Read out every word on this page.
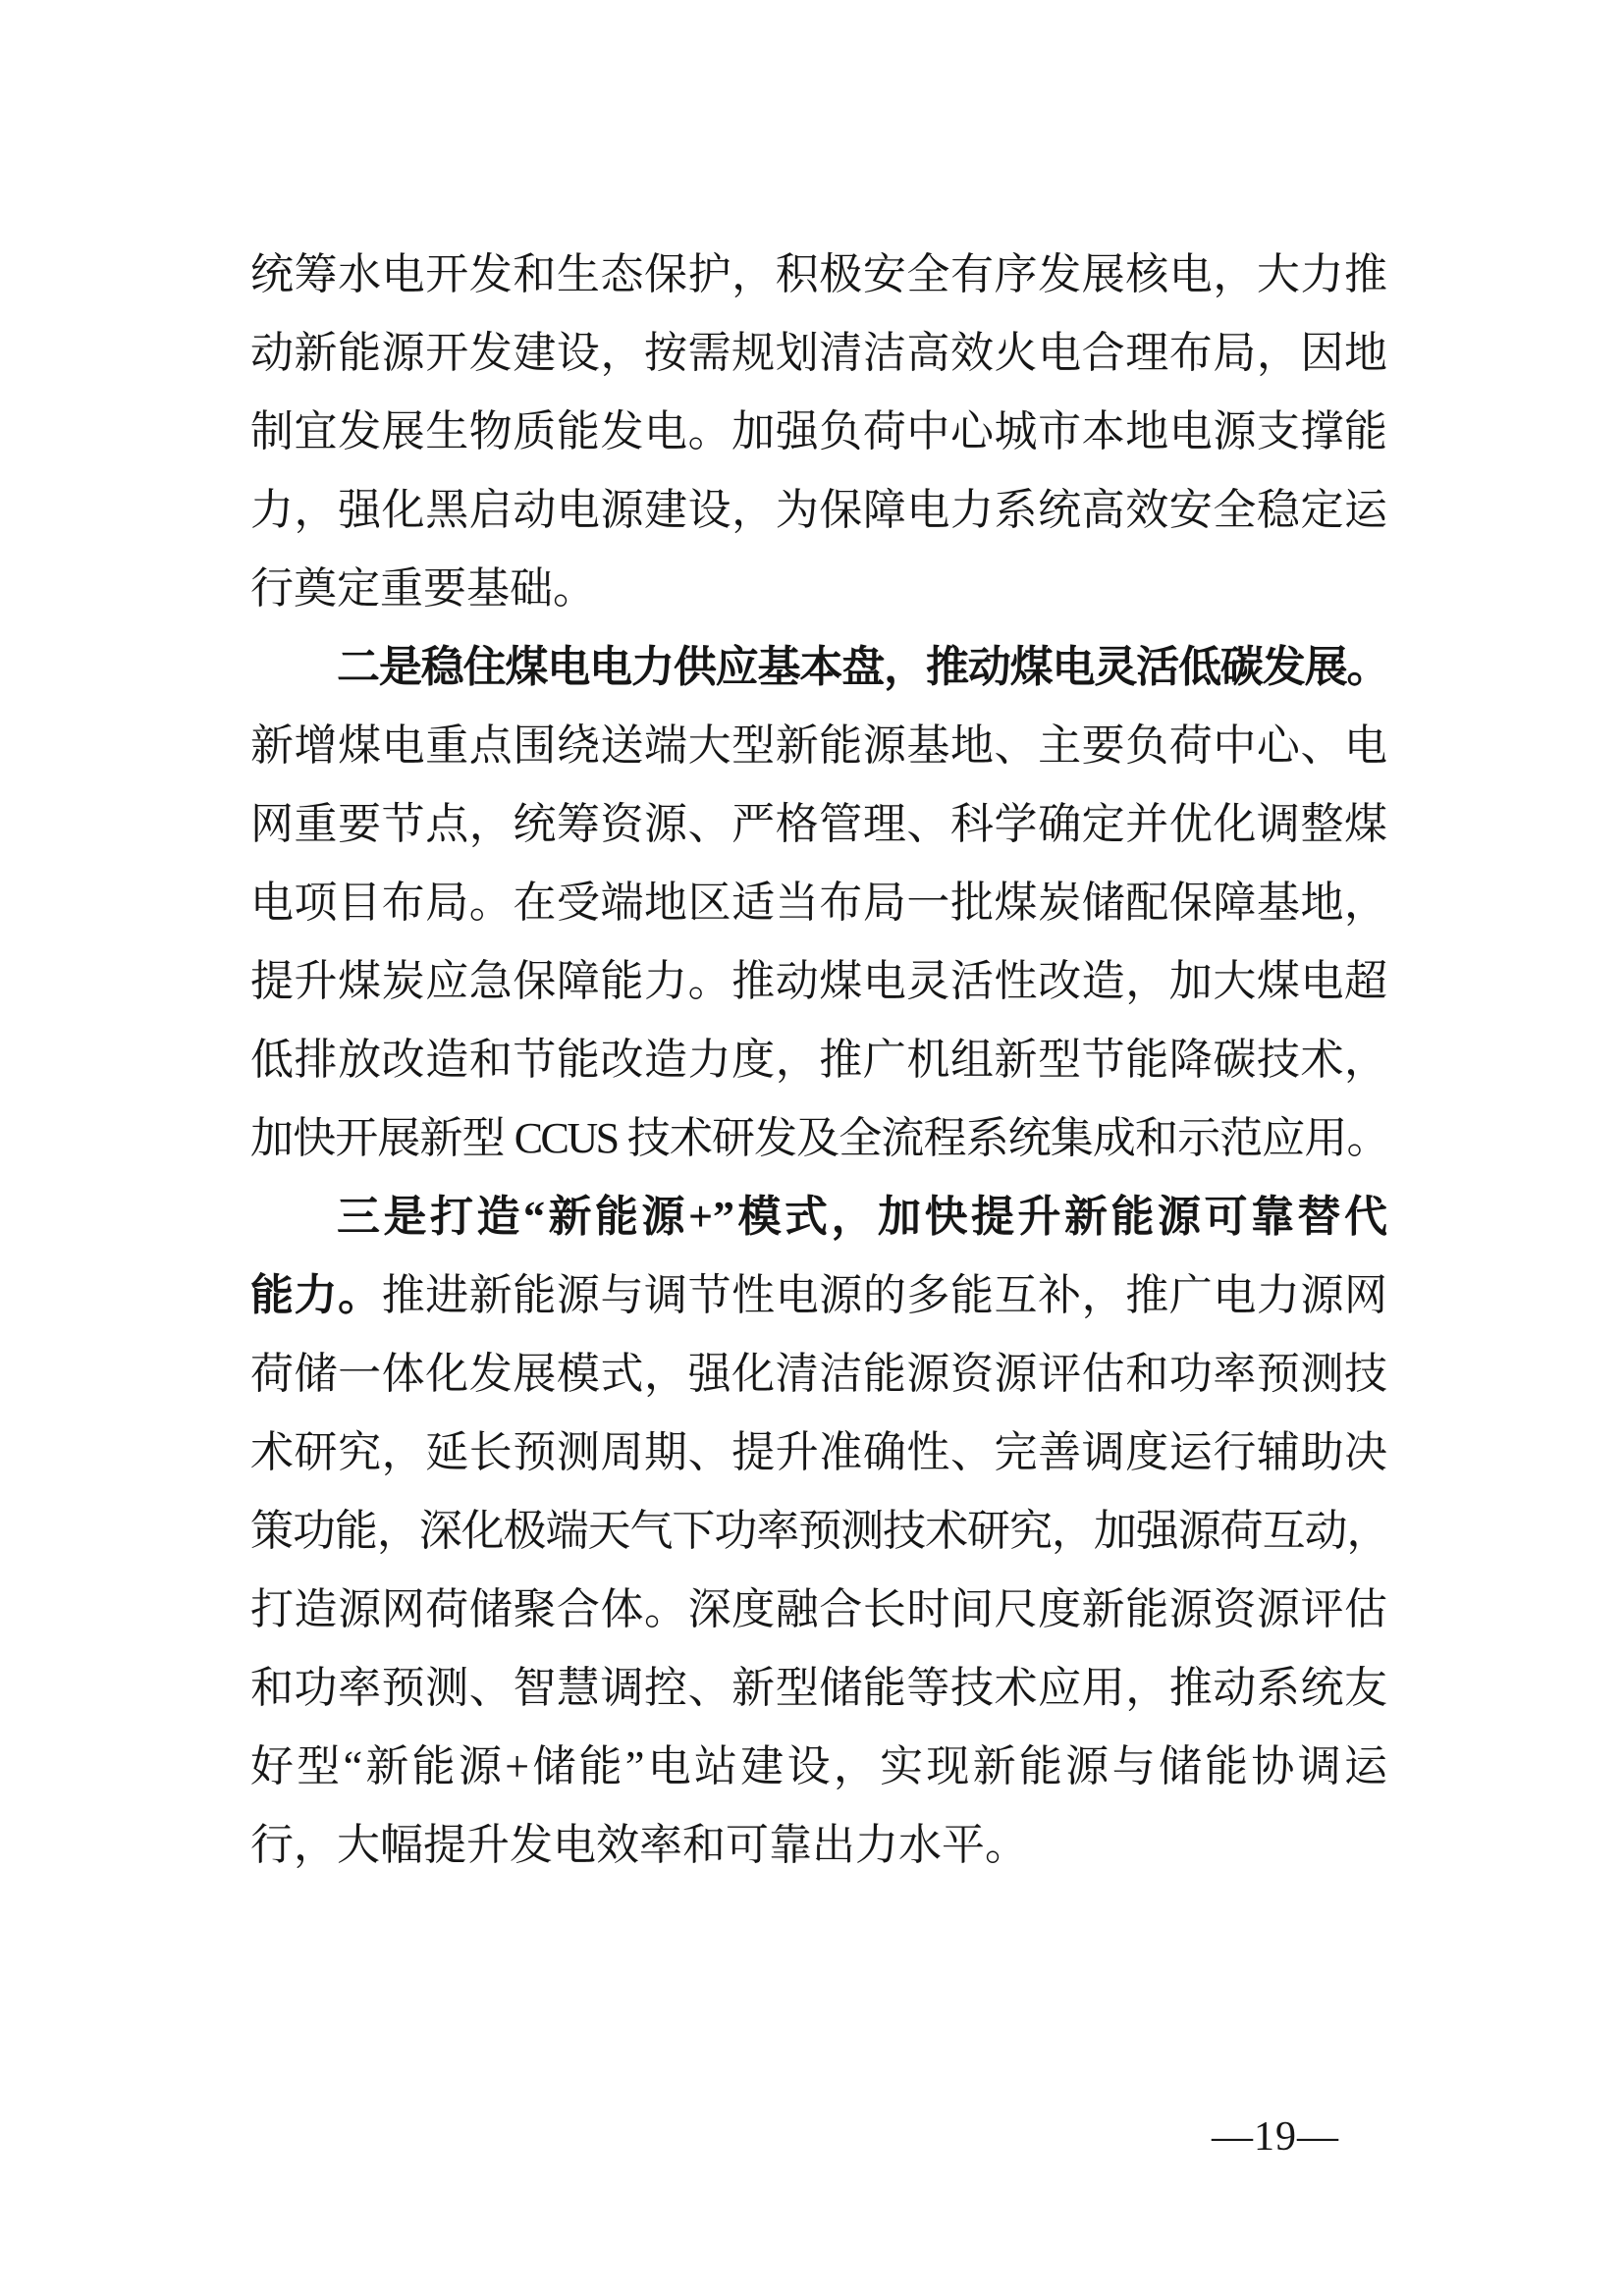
统筹水电开发和生态保护，积极安全有序发展核电，大力推
动新能源开发建设，按需规划清洁高效火电合理布局，因地
制宜发展生物质能发电。加强负荷中心城市本地电源支撑能
力，强化黑启动电源建设，为保障电力系统高效安全稳定运
行奠定重要基础。
二是稳住煤电电力供应基本盘，推动煤电灵活低碳发展。
新增煤电重点围绕送端大型新能源基地、主要负荷中心、电
网重要节点，统筹资源、严格管理、科学确定并优化调整煤
电项目布局。在受端地区适当布局一批煤炭储配保障基地，
提升煤炭应急保障能力。推动煤电灵活性改造，加大煤电超
低排放改造和节能改造力度，推广机组新型节能降碳技术，
加快开展新型 CCUS 技术研发及全流程系统集成和示范应用。
三是打造“新能源+”模式，加快提升新能源可靠替代
能力。推进新能源与调节性电源的多能互补，推广电力源网
荷储一体化发展模式，强化清洁能源资源评估和功率预测技
术研究，延长预测周期、提升准确性、完善调度运行辅助决
策功能，深化极端天气下功率预测技术研究，加强源荷互动，
打造源网荷储聚合体。深度融合长时间尺度新能源资源评估
和功率预测、智慧调控、新型储能等技术应用，推动系统友
好型“新能源+储能”电站建设，实现新能源与储能协调运
行，大幅提升发电效率和可靠出力水平。
—19—
